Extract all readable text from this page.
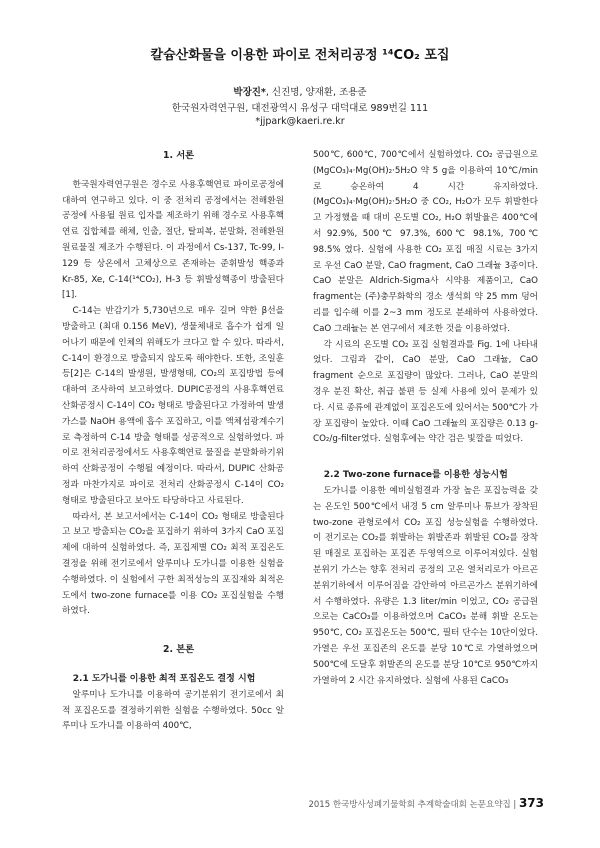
칼슘산화물을 이용한 파이로 전처리공정 ¹⁴CO₂ 포집
박장진*, 신진명, 양재환, 조용준
한국원자력연구원, 대전광역시 유성구 대덕대로 989번길 111
*jjpark@kaeri.re.kr

1. 서론

한국원자력연구원은 경수로 사용후핵연료 파이로공정에 대하여 연구하고 있다. 이 중 전처리 공정에서는 전해환원공정에 사용될 원료 입자를 제조하기 위해 경수로 사용후핵연료 집합체를 해체, 인출, 절단, 탈피복, 분말화, 전해환원 원료물질 제조가 수행된다. 이 과정에서 Cs-137, Tc-99, I-129 등 상온에서 고체상으로 존재하는 준휘발성 핵종과 Kr-85, Xe, C-14(¹⁴CO₂), H-3 등 휘발성핵종이 방출된다[1].

C-14는 반감기가 5,730년으로 매우 길며 약한 β선을 방출하고 (최대 0.156 MeV), 생물체내로 흡수가 쉽게 일어나기 때문에 인체의 위해도가 크다고 할 수 있다. 따라서, C-14이 환경으로 방출되지 않도록 해야한다. 또한, 조일훈 등[2]은 C-14의 발생원, 발생형태, CO₂의 포집방법 등에 대하여 조사하여 보고하였다. DUPIC공정의 사용후핵연료 산화공정시 C-14이 CO₂ 형태로 방출된다고 가정하여 발생가스를 NaOH 용액에 흡수 포집하고, 이를 액체섬광계수기로 측정하여 C-14 방출 형태를 성공적으로 실험하였다. 파이로 전처리공정에서도 사용후핵연료 물질을 분말화하기위하여 산화공정이 수행될 예정이다. 따라서, DUPIC 산화공정과 마찬가지로 파이로 전처리 산화공정시 C-14이 CO₂ 형태로 방출된다고 보아도 타당하다고 사료된다.

따라서, 본 보고서에서는 C-14이 CO₂ 형태로 방출된다고 보고 방출되는 CO₂을 포집하기 위하여 3가지 CaO 포집제에 대하여 실험하였다. 즉, 포집제별 CO₂ 최적 포집온도 결정을 위해 전기로에서 알루미나 도가니를 이용한 실험을 수행하였다. 이 실험에서 구한 최적성능의 포집재와 최적온도에서 two-zone furnace를 이용 CO₂ 포집실험을 수행 하였다.

2. 본론

2.1 도가니를 이용한 최적 포집온도 결정 시험

알루미나 도가니를 이용하여 공기분위기 전기로에서 최적 포집온도를 결정하기위한 실험을 수행하였다. 50cc 알루미나 도가니를 이용하여 400℃,

500℃, 600℃, 700℃에서 실험하였다. CO₂ 공급원으로 (MgCO₃)₄·Mg(OH)₂·5H₂O 약 5 g을 이용하여 10℃/min로 승온하여 4 시간 유지하였다. (MgCO₃)₄·Mg(OH)₂·5H₂O 중 CO₂, H₂O가 모두 휘발한다고 가정했을 때 대비 온도별 CO₂, H₂O 휘발율은 400℃에서 92.9%, 500℃ 97.3%, 600℃ 98.1%, 700℃ 98.5% 였다. 실험에 사용한 CO₂ 포집 매질 시료는 3가지로 우선 CaO 분말, CaO fragment, CaO 그래뉼 3종이다. CaO 분말은 Aldrich-Sigma사 시약용 제품이고, CaO fragment는 (주)충무화학의 경소 생석회 약 25 mm 덩어리를 입수해 이를 2~3 mm 정도로 분쇄하여 사용하였다. CaO 그래뉼는 본 연구에서 제조한 것을 이용하였다.

각 시료의 온도별 CO₂ 포집 실험결과를 Fig. 1에 나타내었다. 그림과 같이, CaO 분말, CaO 그래뉼, CaO fragment 순으로 포집량이 많았다. 그러나, CaO 분말의 경우 분진 확산, 취급 불편 등 실제 사용에 있어 문제가 있다. 시료 종류에 관계없이 포집온도에 있어서는 500℃가 가장 포집량이 높았다. 이때 CaO 그래뉼의 포집량은 0.13 g-CO₂/g-filter였다. 실험후에는 약간 검은 빛깔을 띠었다.

2.2 Two-zone furnace를 이용한 성능시험

도가니를 이용한 예비실험결과 가장 높은 포집능력을 갖는 온도인 500℃에서 내경 5 cm 알루미나 튜브가 장착된 two-zone 관형로에서 CO₂ 포집 성능실험을 수행하였다. 이 전기로는 CO₂를 휘발하는 휘발존과 휘발된 CO₂를 장착된 매질로 포집하는 포집존 두영역으로 이루어져있다. 실험 분위기 가스는 향후 전처리 공정의 고온 열처리로가 아르곤분위기하에서 이루어짐을 감안하여 아르곤가스 분위기하에서 수행하였다. 유량은 1.3 liter/min 이었고, CO₂ 공급원으로는 CaCO₃를 이용하였으며 CaCO₃ 분해 휘발 온도는 950℃, CO₂ 포집온도는 500℃, 필터 단수는 10단이었다. 가열은 우선 포집존의 온도를 분당 10℃로 가열하였으며 500℃에 도달후 휘발존의 온도를 분당 10℃로 950℃까지 가열하여 2 시간 유지하였다. 실험에 사용된 CaCO₃

2015 한국방사성폐기물학회 추계학술대회 논문요약집 | 373
